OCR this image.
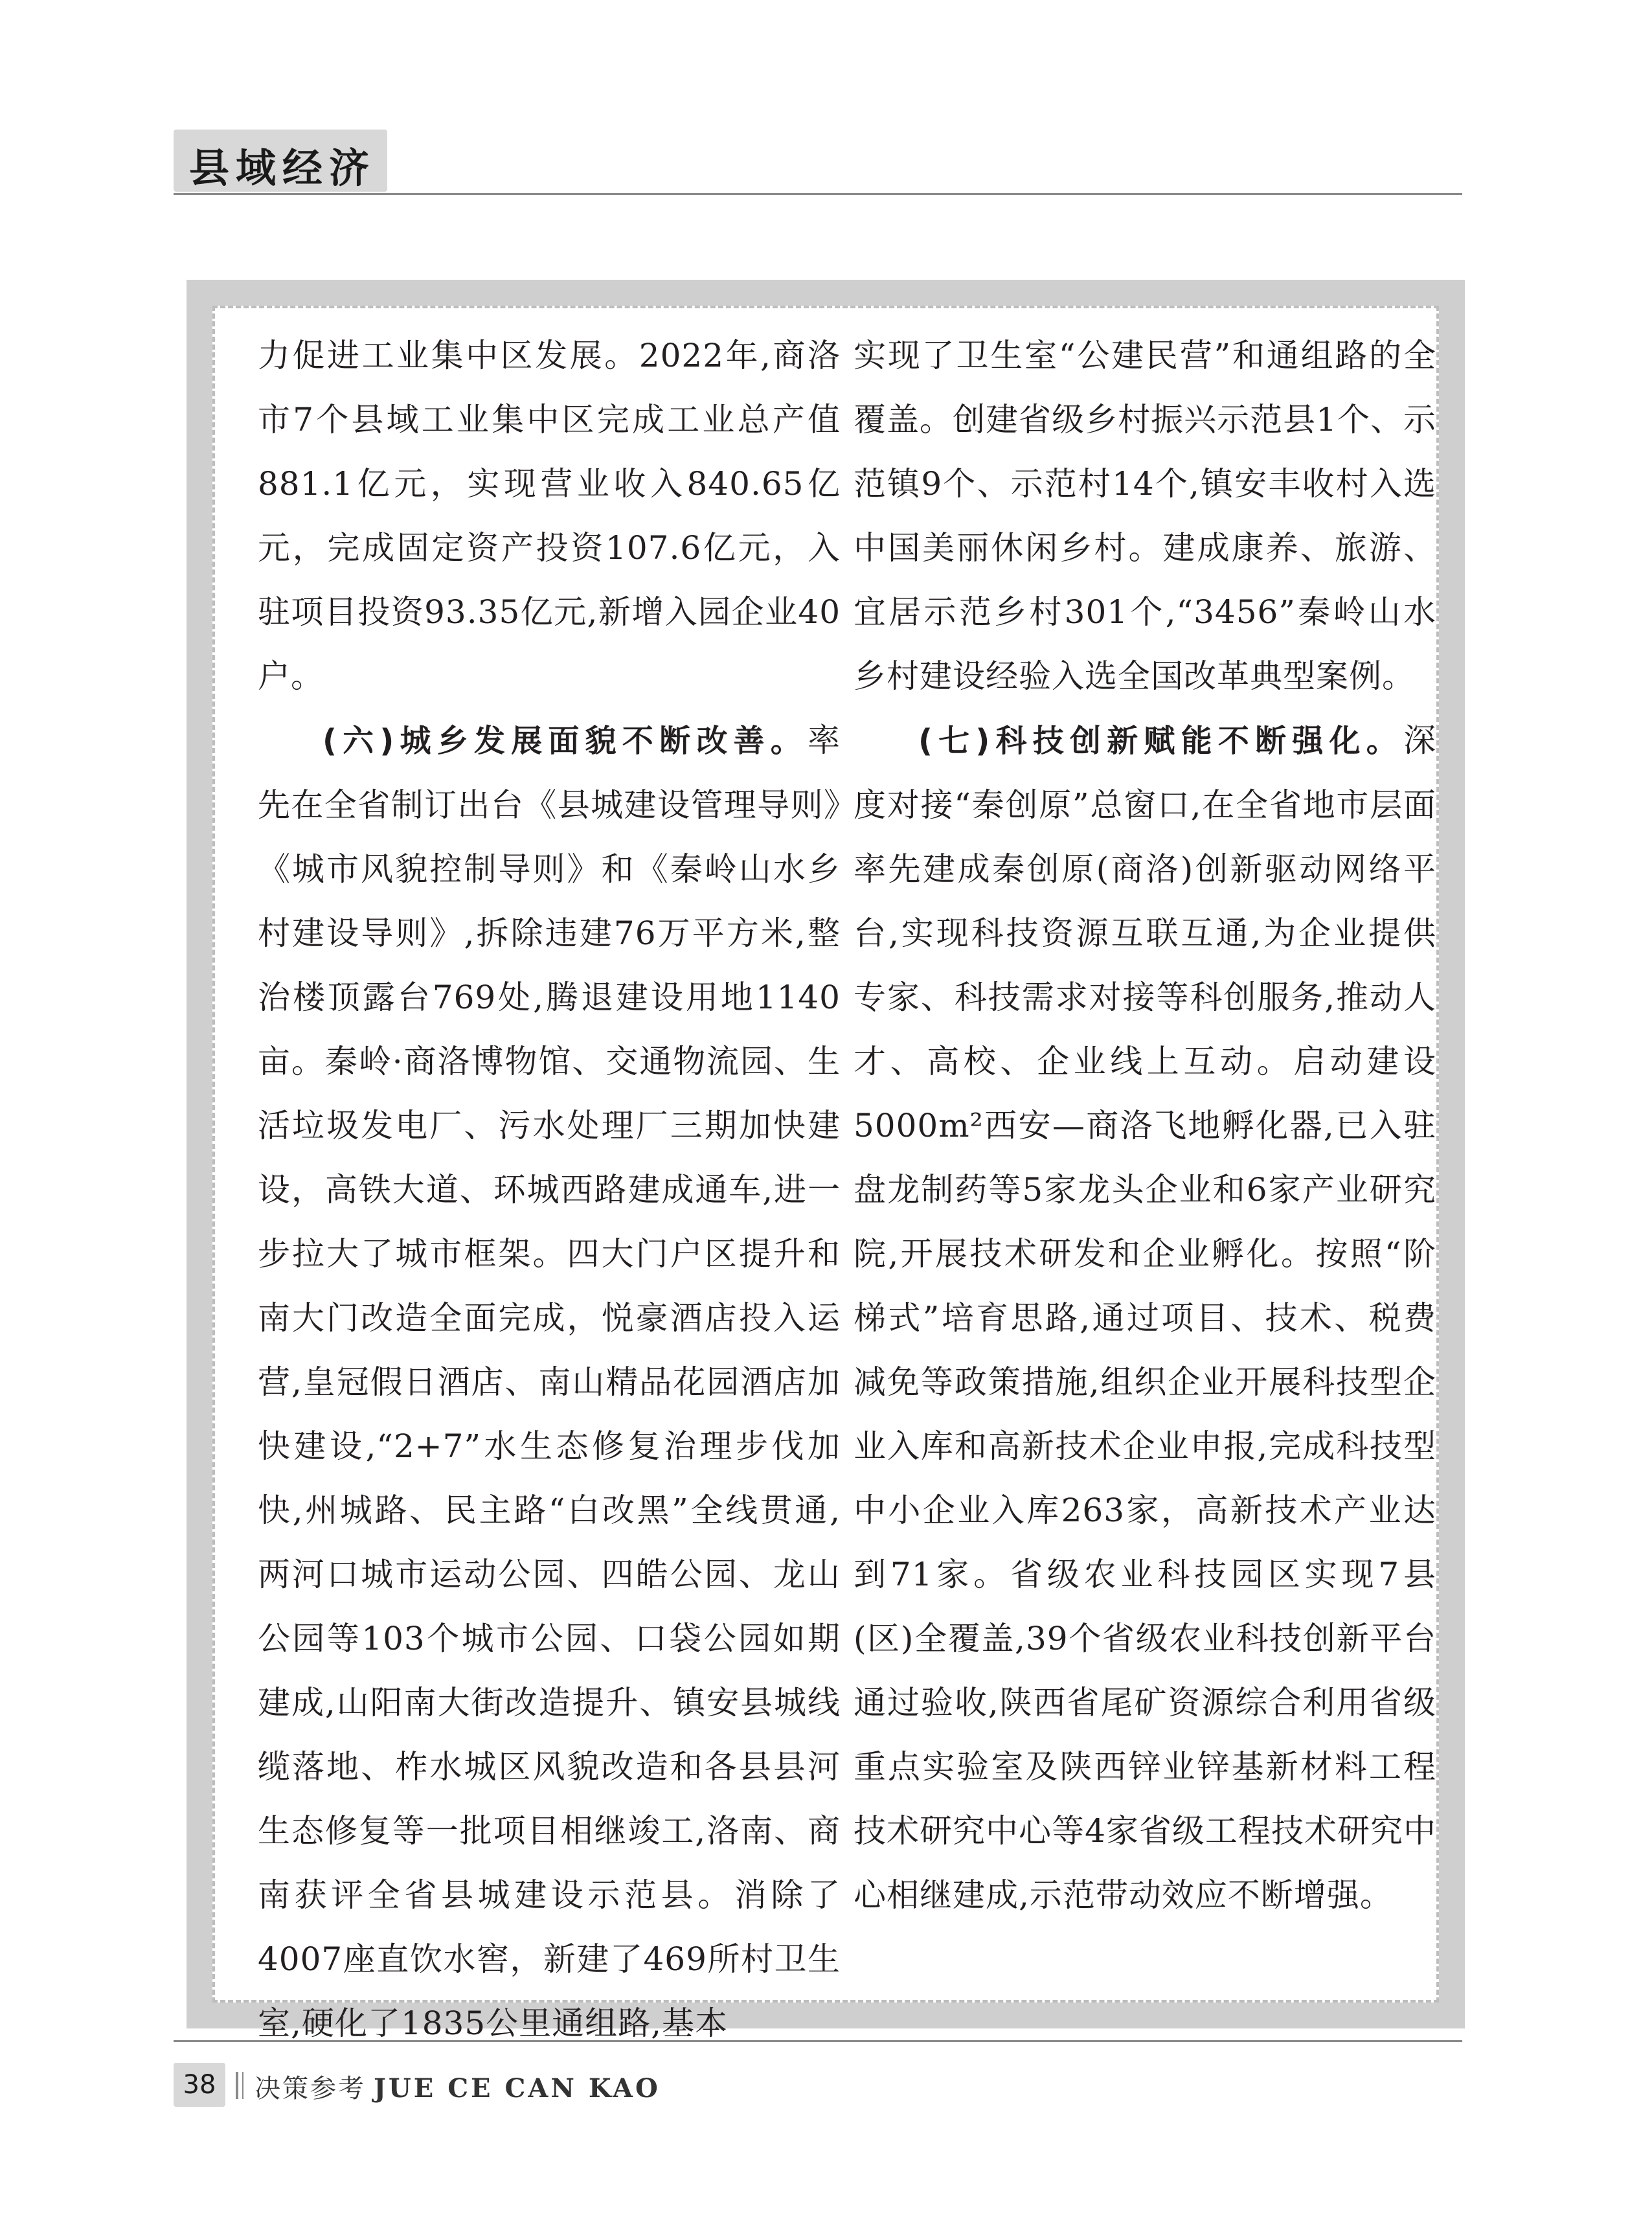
县域经济

力促进工业集中区发展。2022年,商洛市7个县域工业集中区完成工业总产值881.1亿元，实现营业收入840.65亿元，完成固定资产投资107.6亿元，入驻项目投资93.35亿元,新增入园企业40户。

(六)城乡发展面貌不断改善。率先在全省制订出台《县城建设管理导则》《城市风貌控制导则》和《秦岭山水乡村建设导则》,拆除违建76万平方米,整治楼顶露台769处,腾退建设用地1140亩。秦岭·商洛博物馆、交通物流园、生活垃圾发电厂、污水处理厂三期加快建设，高铁大道、环城西路建成通车,进一步拉大了城市框架。四大门户区提升和南大门改造全面完成，悦豪酒店投入运营,皇冠假日酒店、南山精品花园酒店加快建设,“2+7”水生态修复治理步伐加快,州城路、民主路“白改黑”全线贯通,两河口城市运动公园、四皓公园、龙山公园等103个城市公园、口袋公园如期建成,山阳南大街改造提升、镇安县城线缆落地、柞水城区风貌改造和各县县河生态修复等一批项目相继竣工,洛南、商南获评全省县城建设示范县。消除了4007座直饮水窖，新建了469所村卫生室,硬化了1835公里通组路,基本

实现了卫生室“公建民营”和通组路的全覆盖。创建省级乡村振兴示范县1个、示范镇9个、示范村14个,镇安丰收村入选中国美丽休闲乡村。建成康养、旅游、宜居示范乡村301个,“3456”秦岭山水乡村建设经验入选全国改革典型案例。

(七)科技创新赋能不断强化。深度对接“秦创原”总窗口,在全省地市层面率先建成秦创原(商洛)创新驱动网络平台,实现科技资源互联互通,为企业提供专家、科技需求对接等科创服务,推动人才、高校、企业线上互动。启动建设5000m²西安—商洛飞地孵化器,已入驻盘龙制药等5家龙头企业和6家产业研究院,开展技术研发和企业孵化。按照“阶梯式”培育思路,通过项目、技术、税费减免等政策措施,组织企业开展科技型企业入库和高新技术企业申报,完成科技型中小企业入库263家，高新技术产业达到71家。省级农业科技园区实现7县(区)全覆盖,39个省级农业科技创新平台通过验收,陕西省尾矿资源综合利用省级重点实验室及陕西锌业锌基新材料工程技术研究中心等4家省级工程技术研究中心相继建成,示范带动效应不断增强。

38	决策参考 JUE CE CAN KAO
